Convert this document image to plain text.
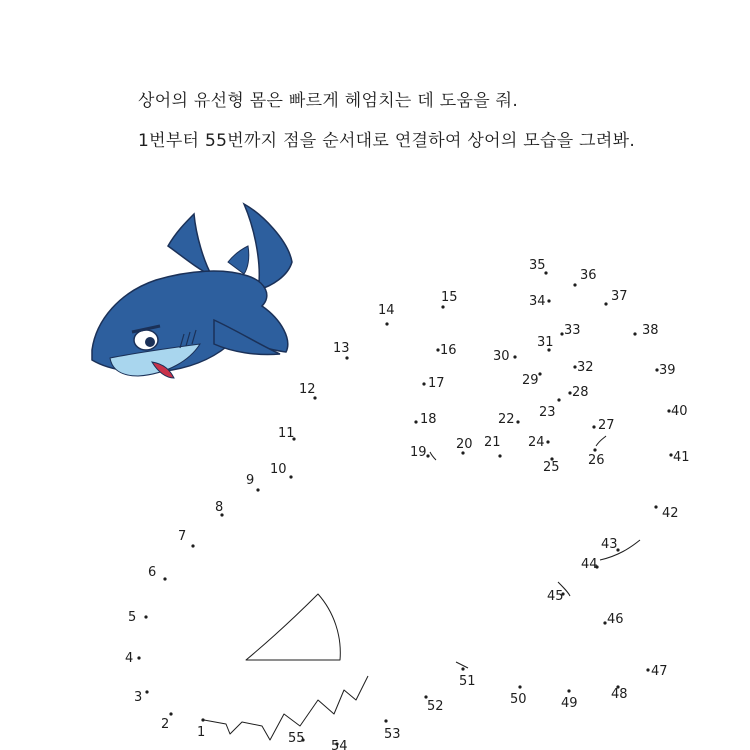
상어의 유선형 몸은 빠르게 헤엄치는 데 도움을 줘.
1번부터 55번까지 점을 순서대로 연결하여 상어의 모습을 그려봐.
1
2
3
4
5
6
7
8
9
10
11
12
13
14
15
16
17
18
19
20 21
22 23
24
25 26
27
28
29
30
31
32
33
34
35
36
37
38
39
40
41
42
43
44
45
46
47
48
49
50
51
52
53
54
55
